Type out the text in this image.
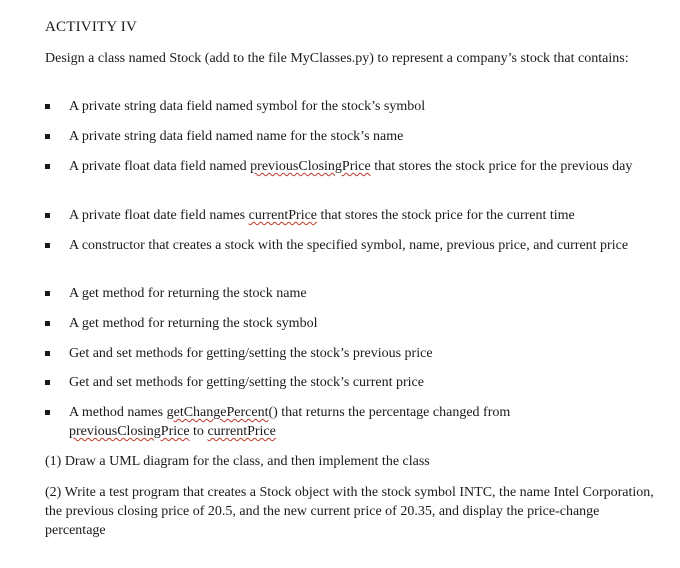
ACTIVITY IV
Design a class named Stock (add to the file MyClasses.py) to represent a company’s stock that contains:
A private string data field named symbol for the stock’s symbol
A private string data field named name for the stock’s name
A private float data field named previousClosingPrice that stores the stock price for the previous day
A private float date field names currentPrice that stores the stock price for the current time
A constructor that creates a stock with the specified symbol, name, previous price, and current price
A get method for returning the stock name
A get method for returning the stock symbol
Get and set methods for getting/setting the stock’s previous price
Get and set methods for getting/setting the stock’s current price
A method names getChangePercent() that returns the percentage changed from previousClosingPrice to currentPrice
(1) Draw a UML diagram for the class, and then implement the class
(2) Write a test program that creates a Stock object with the stock symbol INTC, the name Intel Corporation, the previous closing price of 20.5, and the new current price of 20.35, and display the price-change percentage
